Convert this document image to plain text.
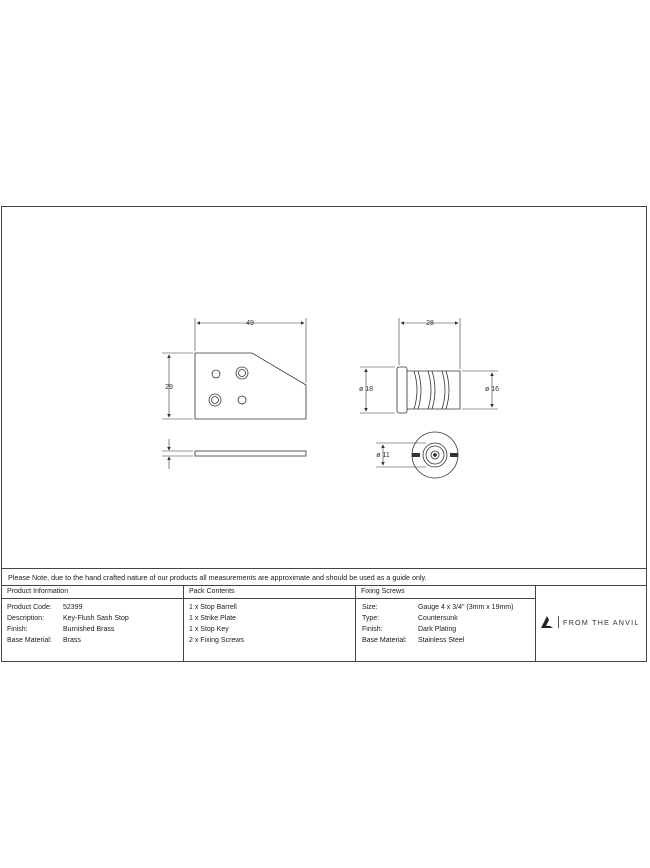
49
29
28
ø 18	ø 16
ø 11
Please Note, due to the hand crafted nature of our products all measurements are approximate and should be used as a guide only.
Product Information
Product Code:	52399
Description:	Key-Flush Sash Stop
Finish:	Burnished Brass
Base Material:	Brass
Pack Contents
1 x Stop Barrell
1 x Strike Plate
1 x Stop Key
2 x Fixing Screws
Fixing Screws
Size:	Gauge 4 x 3/4" (3mm x 19mm)
Type:	Countersunk
Finish:	Dark Plating
Base Material:	Stainless Steel
FROM THE ANVIL
